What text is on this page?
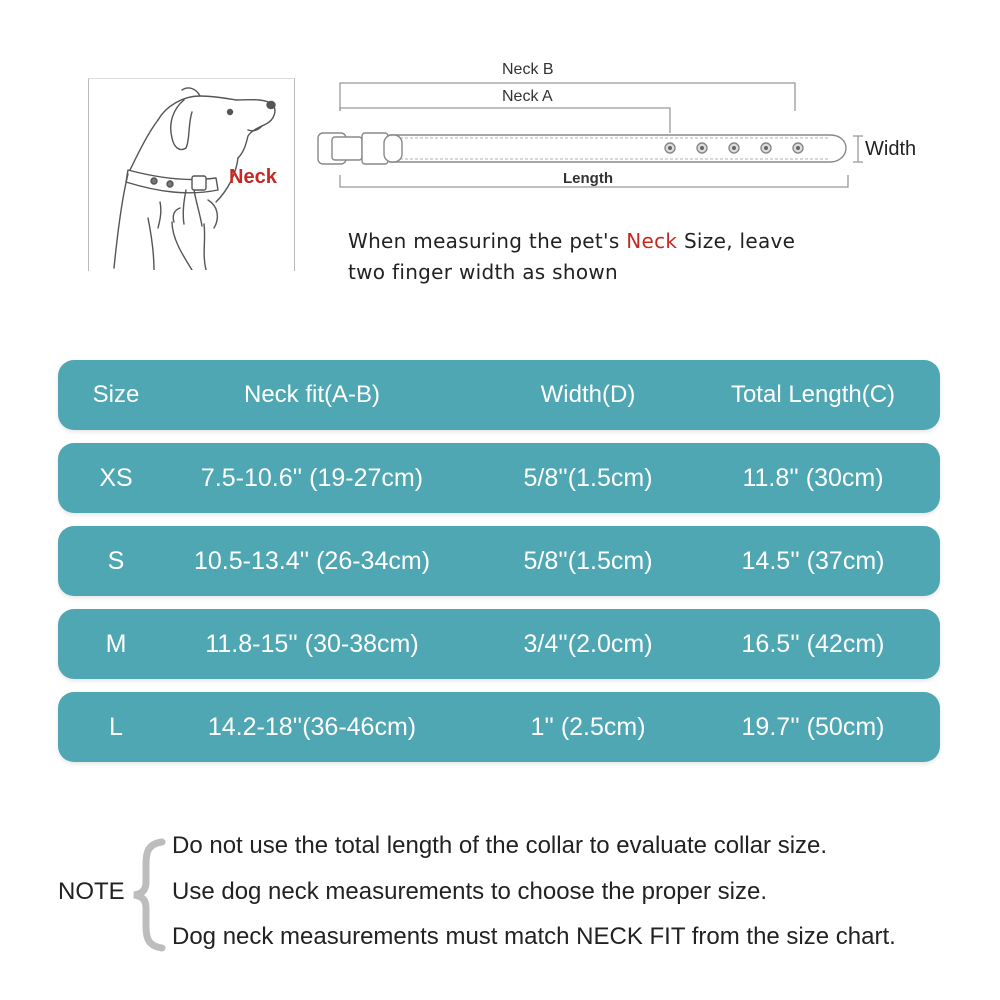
Neck
Neck B
Neck A
Length
Width
When measuring the pet's Neck Size, leave
two finger width as shown
Size	Neck fit(A-B)	Width(D)	Total Length(C)
XS	7.5-10.6'' (19-27cm)	5/8''(1.5cm)	11.8'' (30cm)
S	10.5-13.4'' (26-34cm)	5/8''(1.5cm)	14.5'' (37cm)
M	11.8-15'' (30-38cm)	3/4''(2.0cm)	16.5'' (42cm)
L	14.2-18''(36-46cm)	1'' (2.5cm)	19.7'' (50cm)
NOTE
Do not use the total length of the collar to evaluate collar size.
Use dog neck measurements to choose the proper size.
Dog neck measurements must match NECK FIT from the size chart.
